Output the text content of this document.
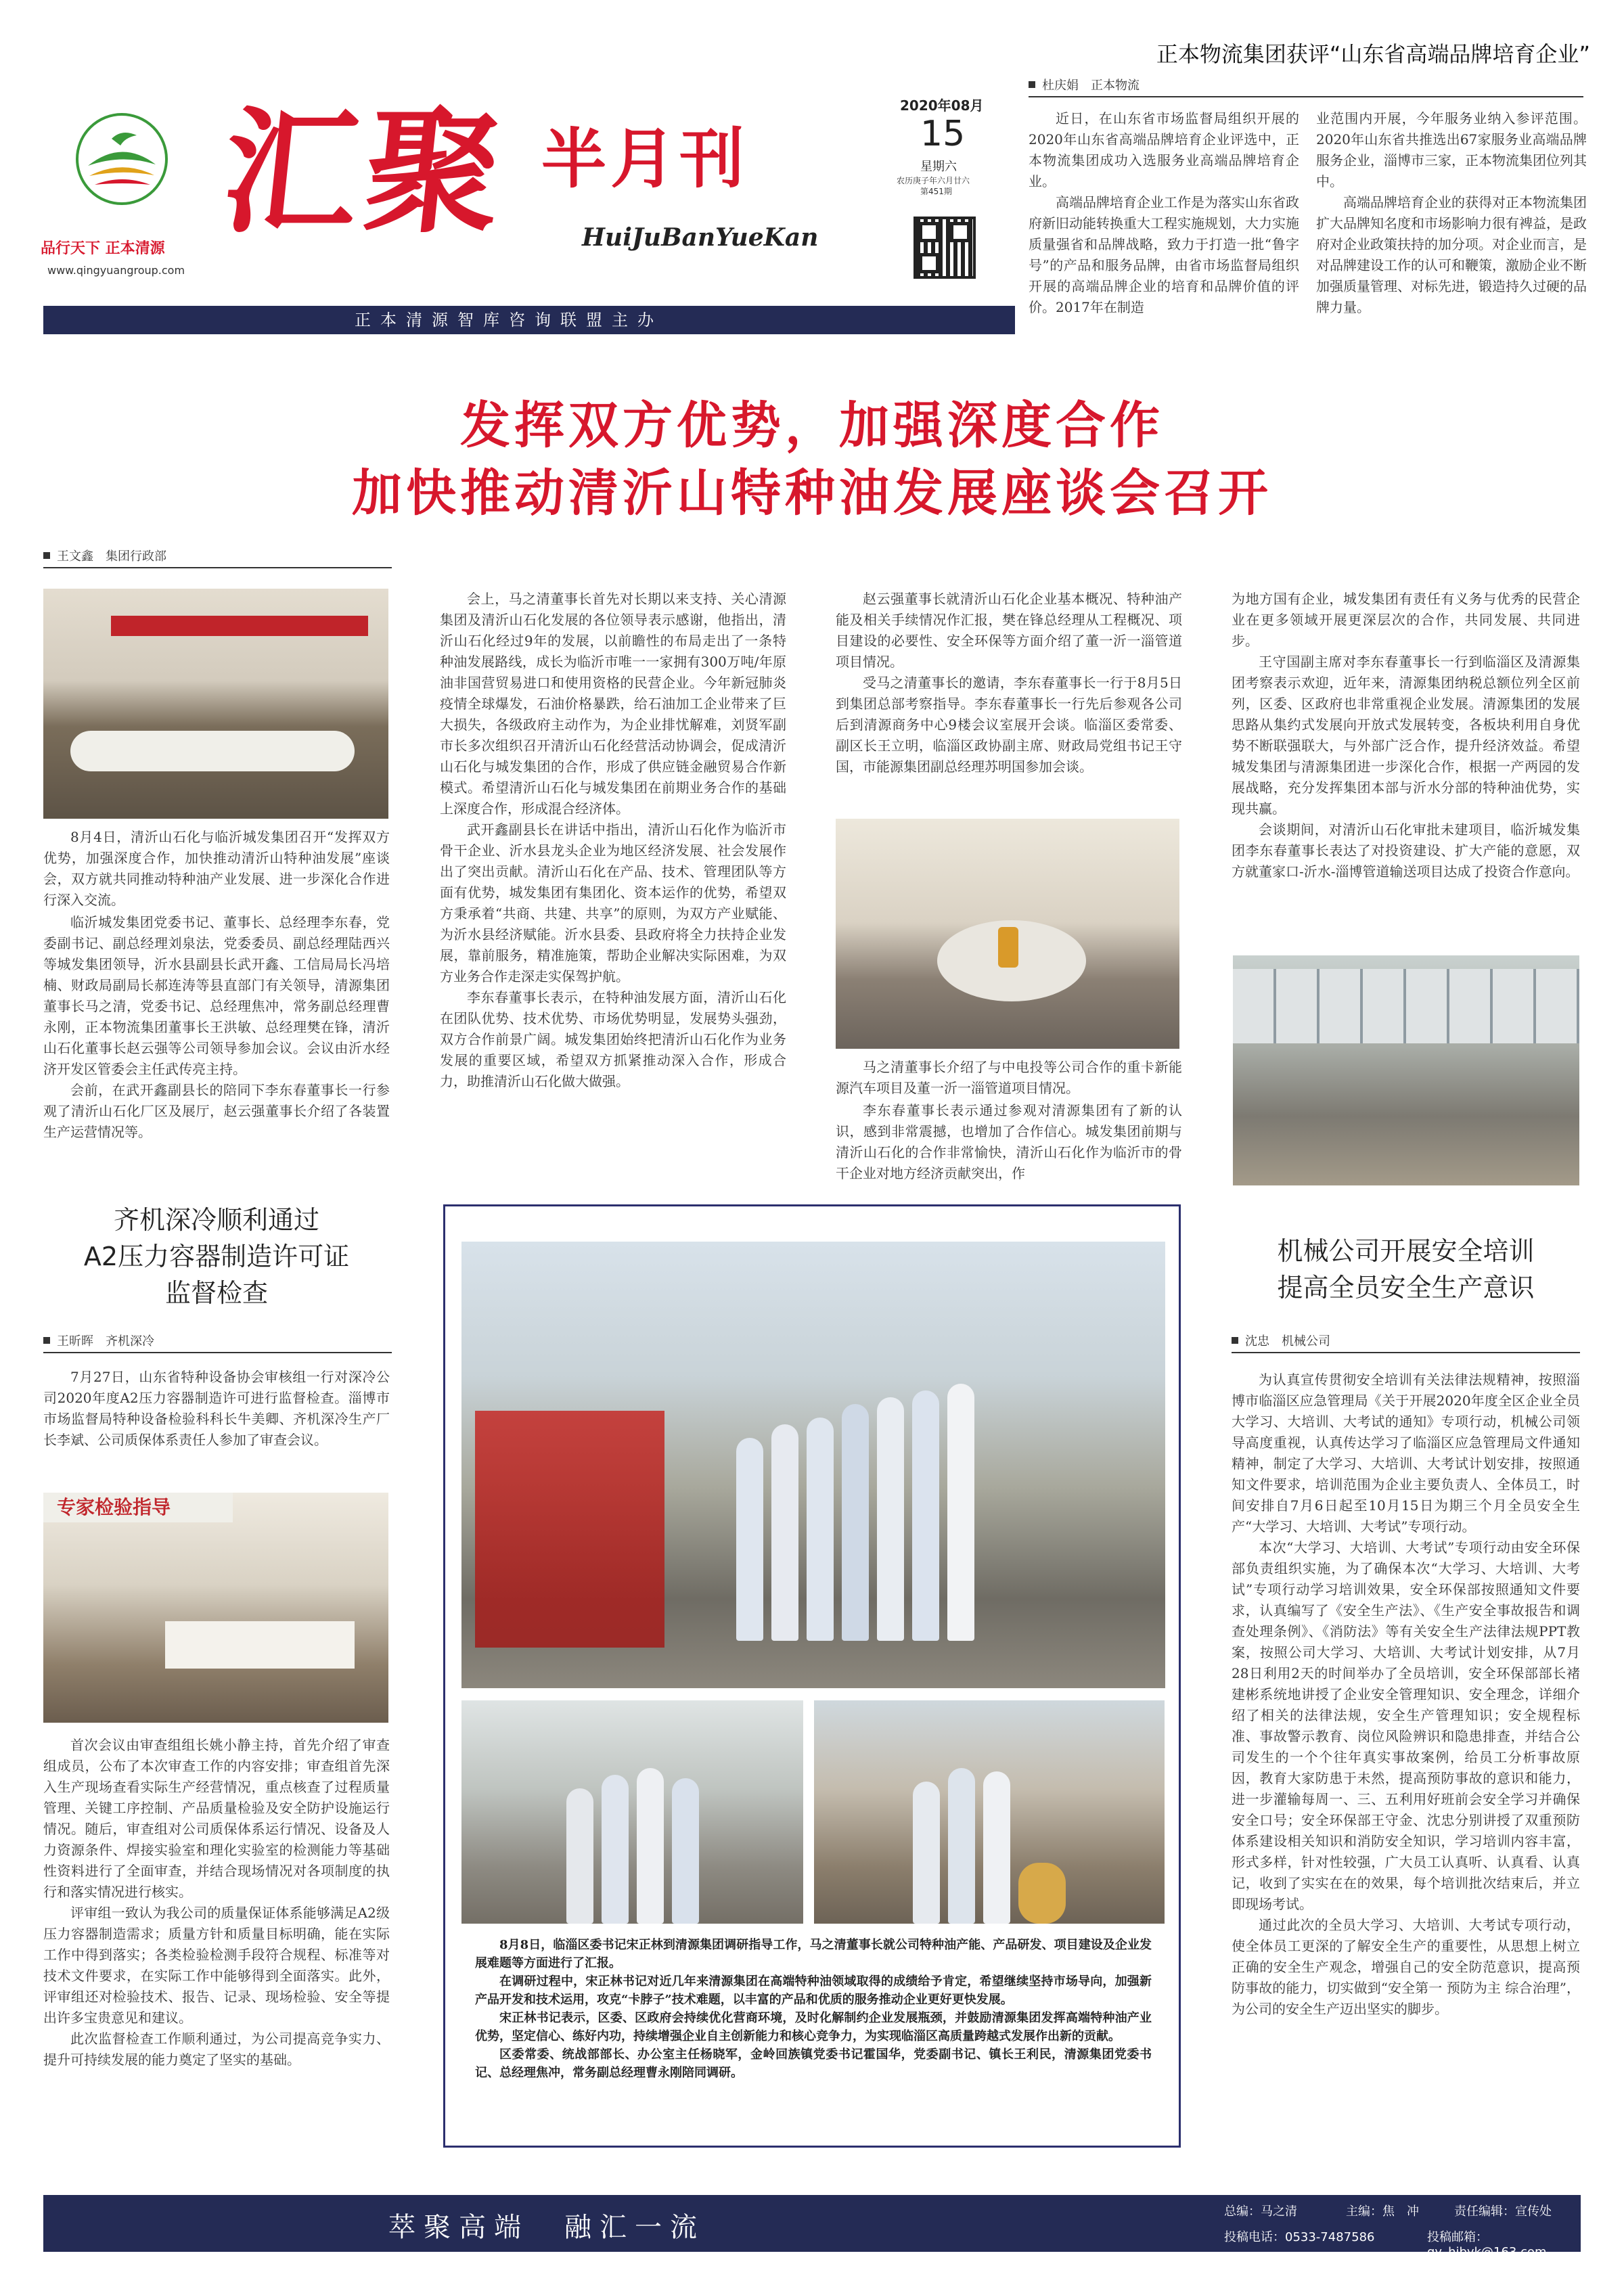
品行天下 正本清源
www.qingyuangroup.com
汇聚 半月刊
HuiJuBanYueKan
2020年08月
15
星期六
农历庚子年六月廿六
第451期
正本清源智库咨询联盟主办
正本物流集团获评“山东省高端品牌培育企业”
杜庆娟　正本物流

近日，在山东省市场监督局组织开展的2020年山东省高端品牌培育企业评选中，正本物流集团成功入选服务业高端品牌培育企业。

高端品牌培育企业工作是为落实山东省政府新旧动能转换重大工程实施规划，大力实施质量强省和品牌战略，致力于打造一批“鲁字号”的产品和服务品牌，由省市场监督局组织开展的高端品牌企业的培育和品牌价值的评价。2017年在制造

业范围内开展，今年服务业纳入参评范围。2020年山东省共推选出67家服务业高端品牌服务企业，淄博市三家，正本物流集团位列其中。

高端品牌培育企业的获得对正本物流集团扩大品牌知名度和市场影响力很有裨益，是政府对企业政策扶持的加分项。对企业而言，是对品牌建设工作的认可和鞭策，激励企业不断加强质量管理、对标先进，锻造持久过硬的品牌力量。

发挥双方优势，加强深度合作
加快推动清沂山特种油发展座谈会召开
王文鑫　集团行政部
8月4日，清沂山石化与临沂城发集团召开“发挥双方优势，加强深度合作，加快推动清沂山特种油发展”座谈会，双方就共同推动特种油产业发展、进一步深化合作进行深入交流。

临沂城发集团党委书记、董事长、总经理李东春，党委副书记、副总经理刘泉法，党委委员、副总经理陆西兴等城发集团领导，沂水县副县长武开鑫、工信局局长冯培楠、财政局副局长郝连涛等县直部门有关领导，清源集团董事长马之清，党委书记、总经理焦冲，常务副总经理曹永刚，正本物流集团董事长王洪敏、总经理樊在锋，清沂山石化董事长赵云强等公司领导参加会议。会议由沂水经济开发区管委会主任武传亮主持。

会前，在武开鑫副县长的陪同下李东春董事长一行参观了清沂山石化厂区及展厅，赵云强董事长介绍了各装置生产运营情况等。

会上，马之清董事长首先对长期以来支持、关心清源集团及清沂山石化发展的各位领导表示感谢，他指出，清沂山石化经过9年的发展，以前瞻性的布局走出了一条特种油发展路线，成长为临沂市唯一一家拥有300万吨/年原油非国营贸易进口和使用资格的民营企业。今年新冠肺炎疫情全球爆发，石油价格暴跌，给石油加工企业带来了巨大损失，各级政府主动作为，为企业排忧解难，刘贤军副市长多次组织召开清沂山石化经营活动协调会，促成清沂山石化与城发集团的合作，形成了供应链金融贸易合作新模式。希望清沂山石化与城发集团在前期业务合作的基础上深度合作，形成混合经济体。

武开鑫副县长在讲话中指出，清沂山石化作为临沂市骨干企业、沂水县龙头企业为地区经济发展、社会发展作出了突出贡献。清沂山石化在产品、技术、管理团队等方面有优势，城发集团有集团化、资本运作的优势，希望双方秉承着“共商、共建、共享”的原则，为双方产业赋能、为沂水县经济赋能。沂水县委、县政府将全力扶持企业发展，靠前服务，精准施策，帮助企业解决实际困难，为双方业务合作走深走实保驾护航。

李东春董事长表示，在特种油发展方面，清沂山石化在团队优势、技术优势、市场优势明显，发展势头强劲，双方合作前景广阔。城发集团始终把清沂山石化作为业务发展的重要区域，希望双方抓紧推动深入合作，形成合力，助推清沂山石化做大做强。

赵云强董事长就清沂山石化企业基本概况、特种油产能及相关手续情况作汇报，樊在锋总经理从工程概况、项目建设的必要性、安全环保等方面介绍了董一沂一淄管道项目情况。

受马之清董事长的邀请，李东春董事长一行于8月5日到集团总部考察指导。李东春董事长一行先后参观各公司后到清源商务中心9楼会议室展开会谈。临淄区委常委、副区长王立明，临淄区政协副主席、财政局党组书记王守国，市能源集团副总经理苏明国参加会谈。

马之清董事长介绍了与中电投等公司合作的重卡新能源汽车项目及董一沂一淄管道项目情况。

李东春董事长表示通过参观对清源集团有了新的认识，感到非常震撼，也增加了合作信心。城发集团前期与清沂山石化的合作非常愉快，清沂山石化作为临沂市的骨干企业对地方经济贡献突出，作

为地方国有企业，城发集团有责任有义务与优秀的民营企业在更多领域开展更深层次的合作，共同发展、共同进步。

王守国副主席对李东春董事长一行到临淄区及清源集团考察表示欢迎，近年来，清源集团纳税总额位列全区前列，区委、区政府也非常重视企业发展。清源集团的发展思路从集约式发展向开放式发展转变，各板块利用自身优势不断联强联大，与外部广泛合作，提升经济效益。希望城发集团与清源集团进一步深化合作，根据一产两园的发展战略，充分发挥集团本部与沂水分部的特种油优势，实现共赢。

会谈期间，对清沂山石化审批未建项目，临沂城发集团李东春董事长表达了对投资建设、扩大产能的意愿，双方就董家口-沂水-淄博管道输送项目达成了投资合作意向。

齐机深冷顺利通过
A2压力容器制造许可证
监督检查
王昕晖　齐机深冷

7月27日，山东省特种设备协会审核组一行对深冷公司2020年度A2压力容器制造许可进行监督检查。淄博市市场监督局特种设备检验科科长牛美卿、齐机深冷生产厂长李斌、公司质保体系责任人参加了审查会议。

专家检验指导

首次会议由审查组组长姚小静主持，首先介绍了审查组成员，公布了本次审查工作的内容安排；审查组首先深入生产现场查看实际生产经营情况，重点核查了过程质量管理、关键工序控制、产品质量检验及安全防护设施运行情况。随后，审查组对公司质保体系运行情况、设备及人力资源条件、焊接实验室和理化实验室的检测能力等基础性资料进行了全面审查，并结合现场情况对各项制度的执行和落实情况进行核实。

评审组一致认为我公司的质量保证体系能够满足A2级压力容器制造需求；质量方针和质量目标明确，能在实际工作中得到落实；各类检验检测手段符合规程、标准等对技术文件要求，在实际工作中能够得到全面落实。此外，评审组还对检验技术、报告、记录、现场检验、安全等提出许多宝贵意见和建议。

此次监督检查工作顺利通过，为公司提高竞争实力、提升可持续发展的能力奠定了坚实的基础。

8月8日，临淄区委书记宋正林到清源集团调研指导工作，马之清董事长就公司特种油产能、产品研发、项目建设及企业发展难题等方面进行了汇报。
在调研过程中，宋正林书记对近几年来清源集团在高端特种油领域取得的成绩给予肯定，希望继续坚持市场导向，加强新产品开发和技术运用，攻克“卡脖子”技术难题，以丰富的产品和优质的服务推动企业更好更快发展。
宋正林书记表示，区委、区政府会持续优化营商环境，及时化解制约企业发展瓶颈，并鼓励清源集团发挥高端特种油产业优势，坚定信心、练好内功，持续增强企业自主创新能力和核心竞争力，为实现临淄区高质量跨越式发展作出新的贡献。
区委常委、统战部部长、办公室主任杨晓军，金岭回族镇党委书记霍国华，党委副书记、镇长王利民，清源集团党委书记、总经理焦冲，常务副总经理曹永刚陪同调研。
机械公司开展安全培训
提高全员安全生产意识
沈忠　机械公司

为认真宣传贯彻安全培训有关法律法规精神，按照淄博市临淄区应急管理局《关于开展2020年度全区企业全员大学习、大培训、大考试的通知》专项行动，机械公司领导高度重视，认真传达学习了临淄区应急管理局文件通知精神，制定了大学习、大培训、大考试计划安排，按照通知文件要求，培训范围为企业主要负责人、全体员工，时间安排自7月6日起至10月15日为期三个月全员安全生产“大学习、大培训、大考试”专项行动。

本次“大学习、大培训、大考试”专项行动由安全环保部负责组织实施，为了确保本次“大学习、大培训、大考试”专项行动学习培训效果，安全环保部按照通知文件要求，认真编写了《安全生产法》、《生产安全事故报告和调查处理条例》、《消防法》等有关安全生产法律法规PPT教案，按照公司大学习、大培训、大考试计划安排，从7月28日利用2天的时间举办了全员培训，安全环保部部长褚建彬系统地讲授了企业安全管理知识、安全理念，详细介绍了相关的法律法规，安全生产管理知识；安全规程标准、事故警示教育、岗位风险辨识和隐患排查，并结合公司发生的一个个往年真实事故案例，给员工分析事故原因，教育大家防患于未然，提高预防事故的意识和能力，进一步灌输每周一、三、五利用好班前会安全学习并确保安全口号；安全环保部王守金、沈忠分别讲授了双重预防体系建设相关知识和消防安全知识，学习培训内容丰富，形式多样，针对性较强，广大员工认真听、认真看、认真记，收到了实实在在的效果，每个培训批次结束后，并立即现场考试。

通过此次的全员大学习、大培训、大考试专项行动，使全体员工更深的了解安全生产的重要性，从思想上树立正确的安全生产观念，增强自己的安全防范意识，提高预防事故的能力，切实做到“安全第一 预防为主 综合治理”，为公司的安全生产迈出坚实的脚步。

萃聚高端　融汇一流
总编：马之清	主编：焦　冲	责任编辑：宣传处
投稿电话：0533-7487586	投稿邮箱：qy_hjbyk@163.com
